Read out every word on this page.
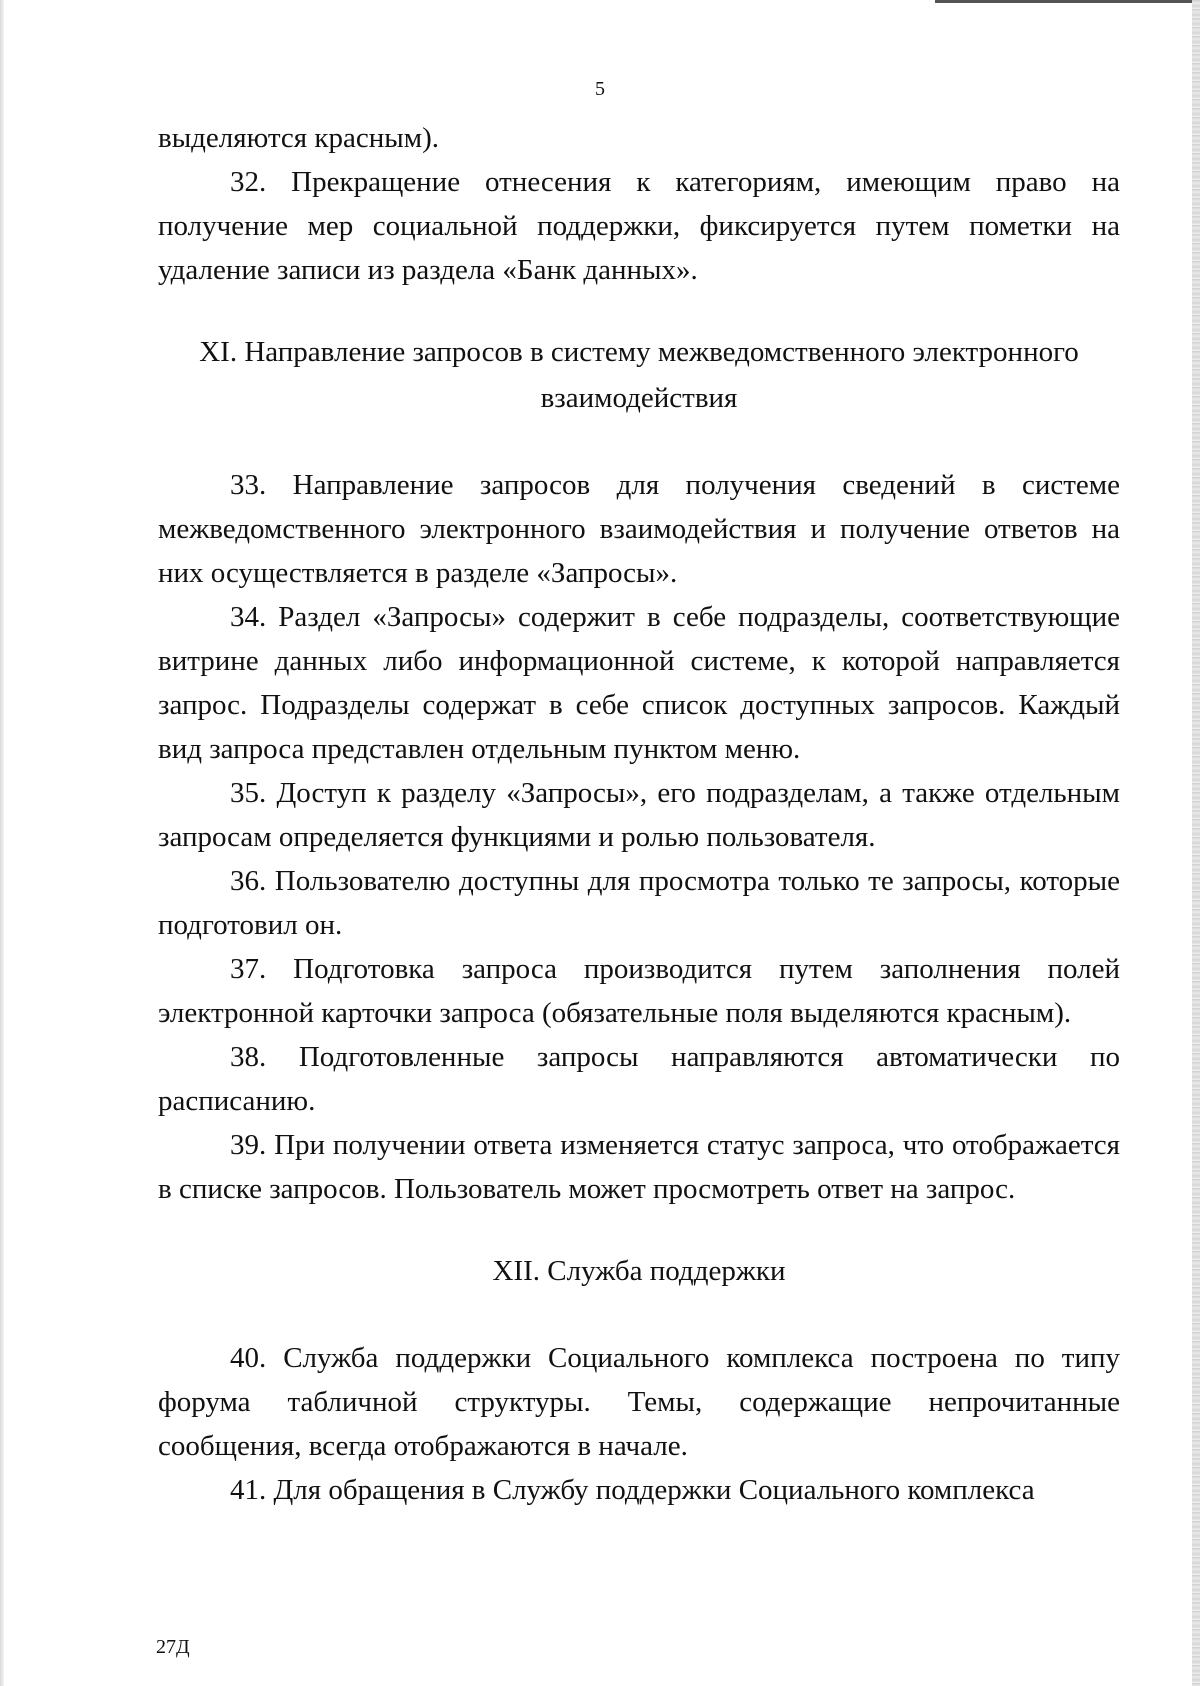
5

выделяются красным).

32. Прекращение отнесения к категориям, имеющим право на получение мер социальной поддержки, фиксируется путем пометки на удаление записи из раздела «Банк данных».

XI. Направление запросов в систему межведомственного электронного взаимодействия

33. Направление запросов для получения сведений в системе межведомственного электронного взаимодействия и получение ответов на них осуществляется в разделе «Запросы».

34. Раздел «Запросы» содержит в себе подразделы, соответствующие витрине данных либо информационной системе, к которой направляется запрос. Подразделы содержат в себе список доступных запросов. Каждый вид запроса представлен отдельным пунктом меню.

35. Доступ к разделу «Запросы», его подразделам, а также отдельным запросам определяется функциями и ролью пользователя.

36. Пользователю доступны для просмотра только те запросы, которые подготовил он.

37. Подготовка запроса производится путем заполнения полей электронной карточки запроса (обязательные поля выделяются красным).

38. Подготовленные запросы направляются автоматически по расписанию.

39. При получении ответа изменяется статус запроса, что отображается в списке запросов. Пользователь может просмотреть ответ на запрос.

XII. Служба поддержки

40. Служба поддержки Социального комплекса построена по типу форума табличной структуры. Темы, содержащие непрочитанные сообщения, всегда отображаются в начале.

41. Для обращения в Службу поддержки Социального комплекса

27Д
